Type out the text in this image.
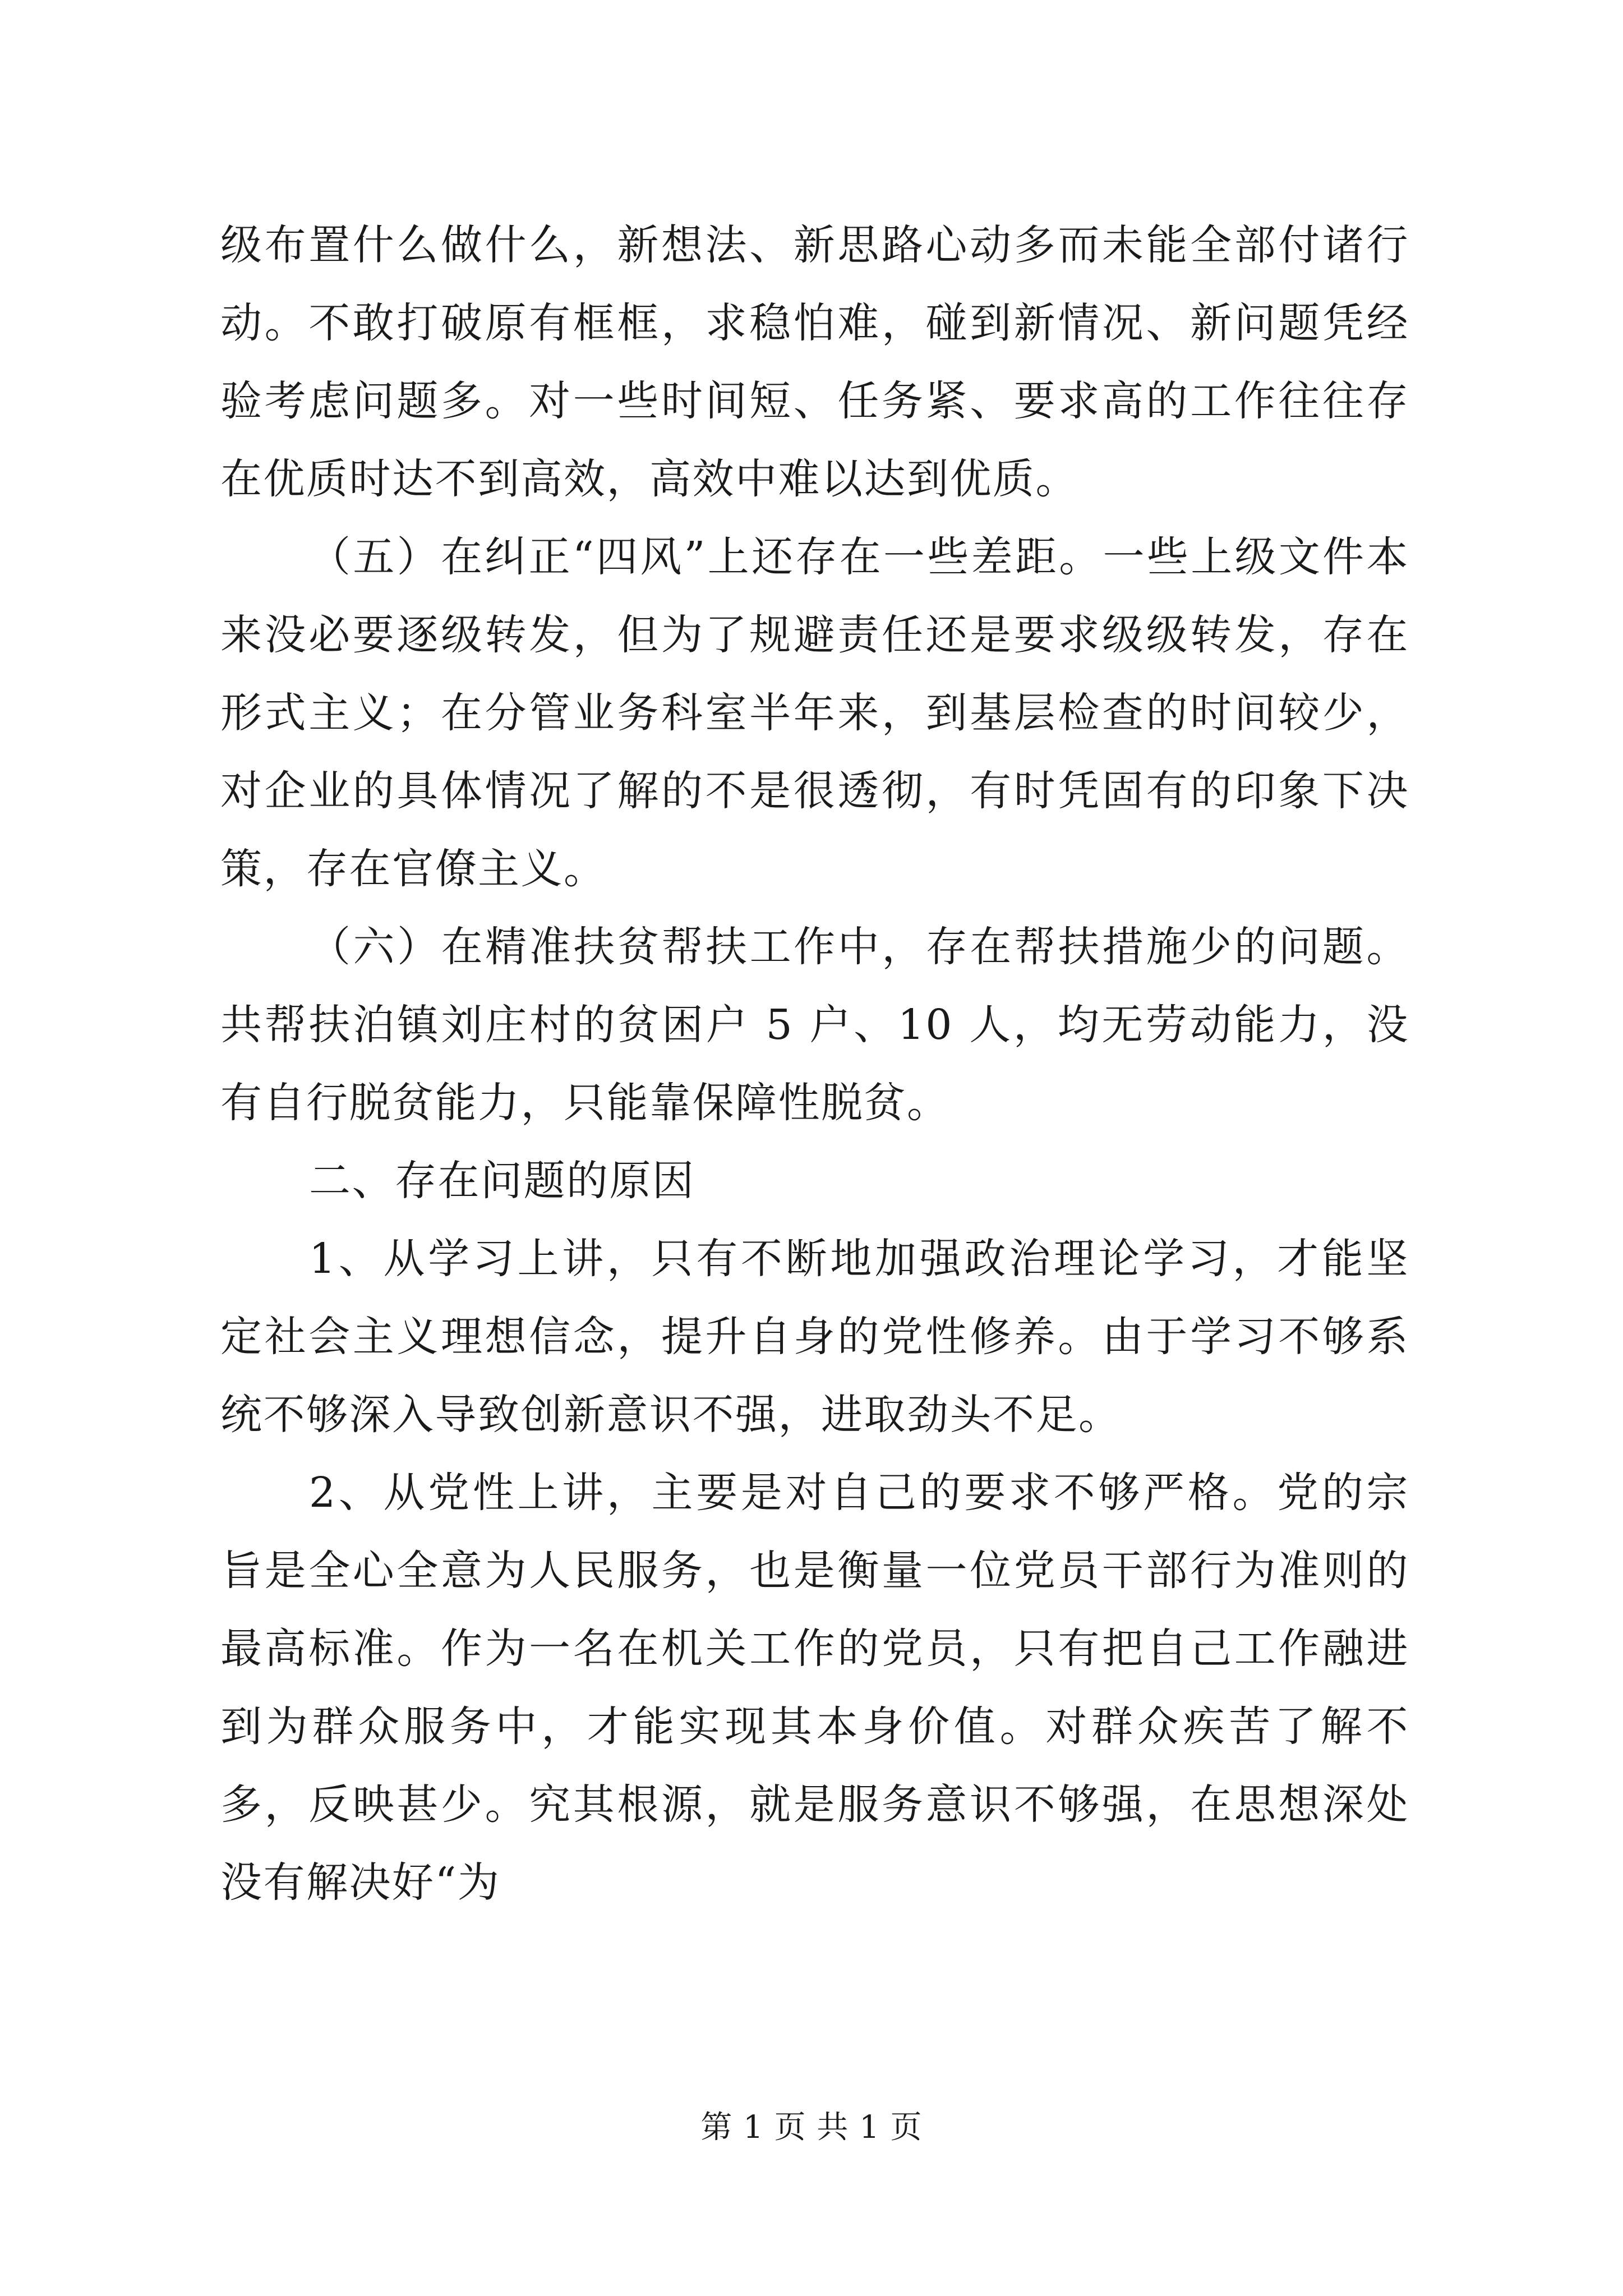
级布置什么做什么，新想法、新思路心动多而未能全部付诸行动。不敢打破原有框框，求稳怕难，碰到新情况、新问题凭经验考虑问题多。对一些时间短、任务紧、要求高的工作往往存在优质时达不到高效，高效中难以达到优质。

（五）在纠正“四风”上还存在一些差距。一些上级文件本来没必要逐级转发，但为了规避责任还是要求级级转发，存在形式主义；在分管业务科室半年来，到基层检查的时间较少，对企业的具体情况了解的不是很透彻，有时凭固有的印象下决策，存在官僚主义。

（六）在精准扶贫帮扶工作中，存在帮扶措施少的问题。共帮扶泊镇刘庄村的贫困户 5 户、10 人，均无劳动能力，没有自行脱贫能力，只能靠保障性脱贫。

二、存在问题的原因

1、从学习上讲，只有不断地加强政治理论学习，才能坚定社会主义理想信念，提升自身的党性修养。由于学习不够系统不够深入导致创新意识不强，进取劲头不足。

2、从党性上讲，主要是对自己的要求不够严格。党的宗旨是全心全意为人民服务，也是衡量一位党员干部行为准则的最高标准。作为一名在机关工作的党员，只有把自己工作融进到为群众服务中，才能实现其本身价值。对群众疾苦了解不多，反映甚少。究其根源，就是服务意识不够强，在思想深处没有解决好“为

第 1 页 共 1 页
